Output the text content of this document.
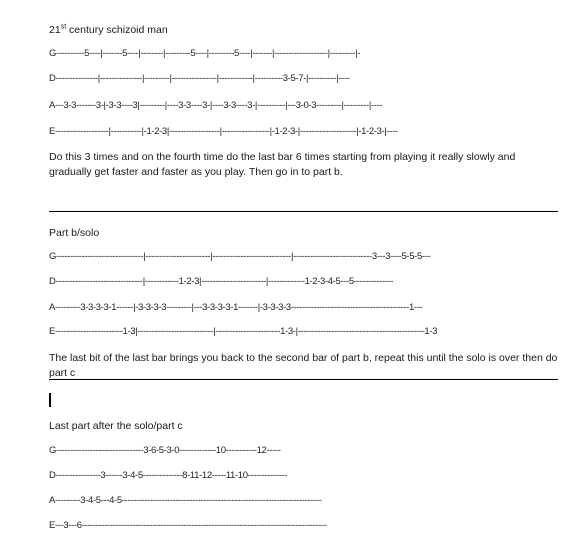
21st century schizoid man
G----------5----|-------5----|--------|---------5----|---------5----|-------|-------------------|---------|-
D---------------|---------------|---------|----------------|------------|----------3-5-7-|----------|----
A---3-3-------3-|-3-3----3|---------|----3-3----3-|----3-3----3-|----------|---3-0-3---------|---------|----
E-------------------|-----------|-1-2-3|------------------|-----------------|-1-2-3-|--------------------|-1-2-3-|----
Do this 3 times and on the fourth time do the last bar 6 times starting from playing it really slowly and gradually get faster and faster as you play. Then go in to part b.
Part b/solo
G-------------------------------|-----------------------|----------------------------|----------------------------3---3----5-5-5---
D-------------------------------|------------1-2-3|-----------------------|-------------1-2-3-4-5---5--------------
A---------3-3-3-3-1------|-3-3-3-3---------|---3-3-3-3-1-------|-3-3-3-3------------------------------------------1---
E------------------------1-3|---------------------------|-----------------------1-3-|---------------------------------------------1-3
The last bit of the last bar brings you back to the second bar of part b, repeat this until the solo is over then do part c
Last part after the solo/part c
G-------------------------------3-6-5-3-0-------------10-----------12-----
D----------------3------3-4-5--------------8-11-12-----11-10--------------
A---------3-4-5---4-5-----------------------------------------------------------------------
E---3---6---------------------------------------------------------------------------------------
